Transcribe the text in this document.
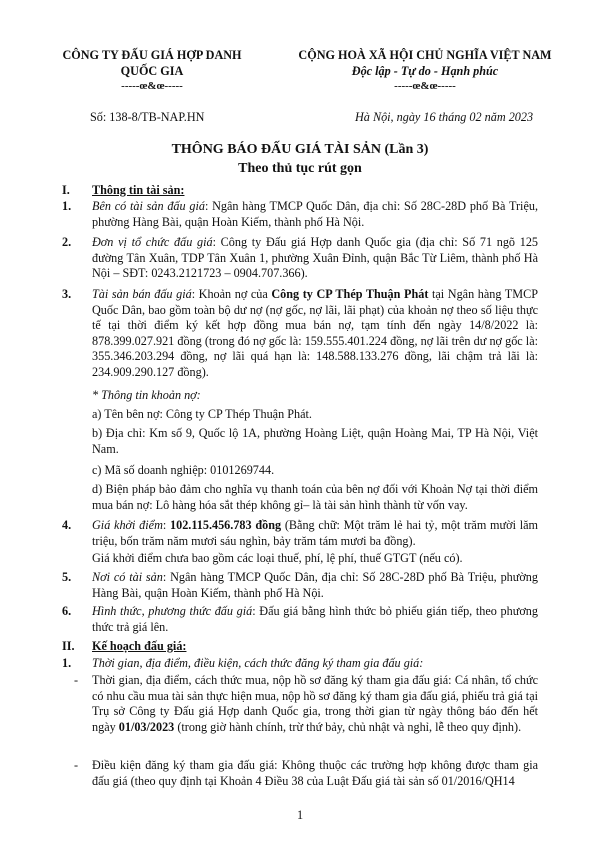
CÔNG TY ĐẤU GIÁ HỢP DANH
QUỐC GIA
-----œ&œ-----
CỘNG HOÀ XÃ HỘI CHỦ NGHĨA VIỆT NAM
Độc lập - Tự do - Hạnh phúc
-----œ&œ-----
Số: 138-8/TB-NAP.HN	Hà Nội, ngày 16 tháng 02 năm 2023
THÔNG BÁO ĐẤU GIÁ TÀI SẢN (Lần 3)
Theo thủ tục rút gọn
I. Thông tin tài sản:
1.	Bên có tài sản đấu giá: Ngân hàng TMCP Quốc Dân, địa chỉ: Số 28C-28D phố Bà Triệu, phường Hàng Bài, quận Hoàn Kiếm, thành phố Hà Nội.
2.	Đơn vị tổ chức đấu giá: Công ty Đấu giá Hợp danh Quốc gia (địa chỉ: Số 71 ngõ 125 đường Tân Xuân, TDP Tân Xuân 1, phường Xuân Đỉnh, quận Bắc Từ Liêm, thành phố Hà Nội – SĐT: 0243.2121723 – 0904.707.366).
3.	Tài sản bán đấu giá: Khoản nợ của Công ty CP Thép Thuận Phát tại Ngân hàng TMCP Quốc Dân, bao gồm toàn bộ dư nợ (nợ gốc, nợ lãi, lãi phạt) của khoản nợ theo số liệu thực tế tại thời điểm ký kết hợp đồng mua bán nợ, tạm tính đến ngày 14/8/2022 là: 878.399.027.921 đồng (trong đó nợ gốc là: 159.555.401.224 đồng, nợ lãi trên dư nợ gốc là: 355.346.203.294 đồng, nợ lãi quá hạn là: 148.588.133.276 đồng, lãi chậm trả lãi là: 234.909.290.127 đồng).
* Thông tin khoản nợ:
a) Tên bên nợ: Công ty CP Thép Thuận Phát.
b) Địa chỉ: Km số 9, Quốc lộ 1A, phường Hoàng Liệt, quận Hoàng Mai, TP Hà Nội, Việt Nam.
c) Mã số doanh nghiệp: 0101269744.
d) Biện pháp bảo đảm cho nghĩa vụ thanh toán của bên nợ đối với Khoản Nợ tại thời điểm mua bán nợ: Lô hàng hóa sắt thép không gỉ– là tài sản hình thành từ vốn vay.
4.	Giá khởi điểm: 102.115.456.783 đồng (Bằng chữ: Một trăm lẻ hai tỷ, một trăm mười lăm triệu, bốn trăm năm mươi sáu nghìn, bảy trăm tám mươi ba đồng).
Giá khởi điểm chưa bao gồm các loại thuế, phí, lệ phí, thuế GTGT (nếu có).
5.	Nơi có tài sản: Ngân hàng TMCP Quốc Dân, địa chỉ: Số 28C-28D phố Bà Triệu, phường Hàng Bài, quận Hoàn Kiếm, thành phố Hà Nội.
6.	Hình thức, phương thức đấu giá: Đấu giá bằng hình thức bỏ phiếu gián tiếp, theo phương thức trả giá lên.
II. Kế hoạch đấu giá:
1.	Thời gian, địa điểm, điều kiện, cách thức đăng ký tham gia đấu giá:
- Thời gian, địa điểm, cách thức mua, nộp hồ sơ đăng ký tham gia đấu giá: Cá nhân, tổ chức có nhu cầu mua tài sản thực hiện mua, nộp hồ sơ đăng ký tham gia đấu giá, phiếu trả giá tại Trụ sở Công ty Đấu giá Hợp danh Quốc gia, trong thời gian từ ngày thông báo đến hết ngày 01/03/2023 (trong giờ hành chính, trừ thứ bảy, chủ nhật và nghỉ, lễ theo quy định).
- Điều kiện đăng ký tham gia đấu giá: Không thuộc các trường hợp không được tham gia đấu giá (theo quy định tại Khoản 4 Điều 38 của Luật Đấu giá tài sản số 01/2016/QH14
1
